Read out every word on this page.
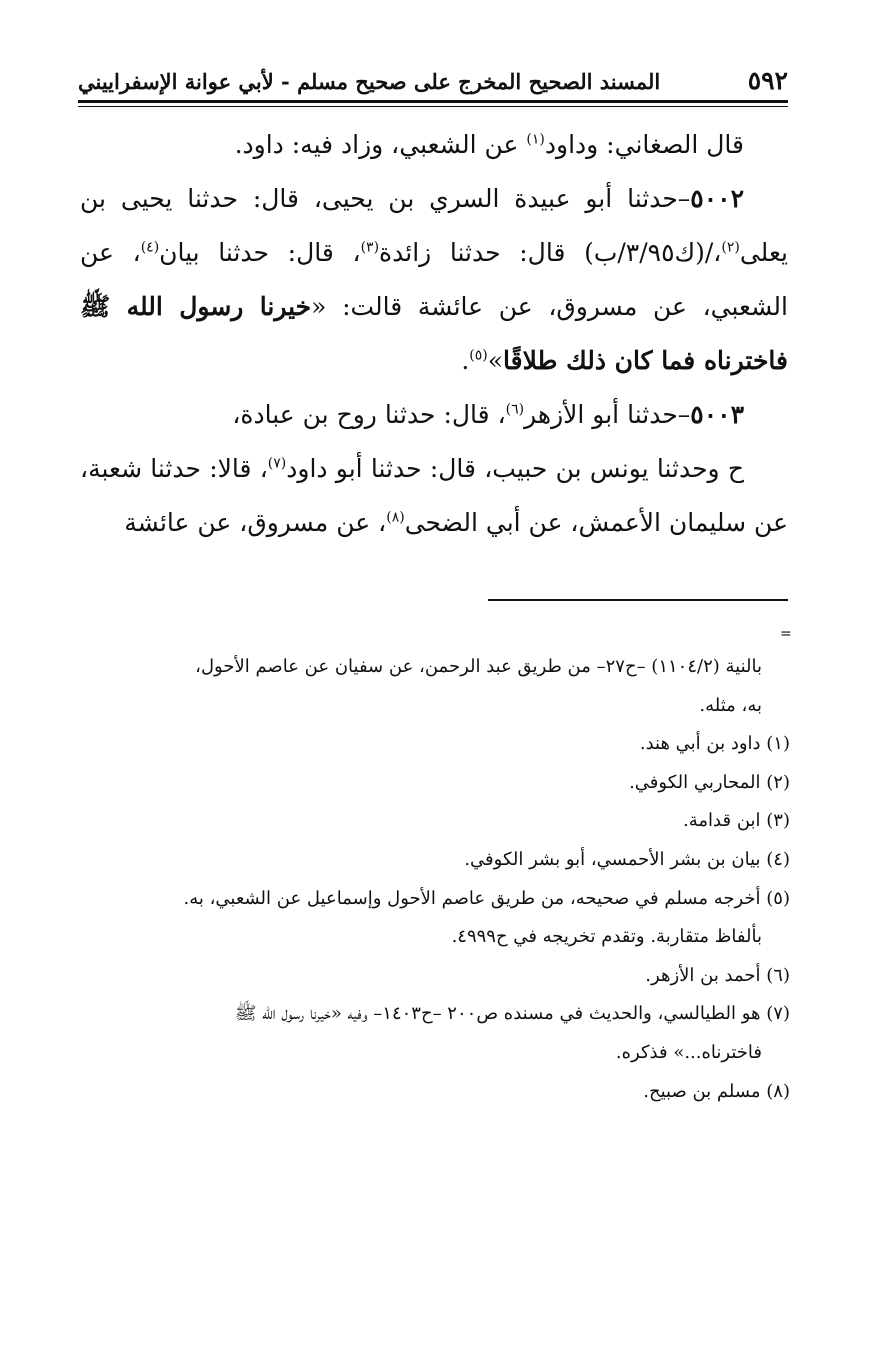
٥٩٢
المسند الصحيح المخرج على صحيح مسلم - لأبي عوانة الإسفراييني

قال الصغاني: وداود$^{(١)}$ عن الشعبي، وزاد فيه: داود.

٥٠٠٢–حدثنا أبو عبيدة السري بن يحيى، قال: حدثنا يحيى بن يعلى$^{(٢)}$،/(ك٣/٩٥/ب) قال: حدثنا زائدة$^{(٣)}$، قال: حدثنا بيان$^{(٤)}$، عن الشعبي، عن مسروق، عن عائشة قالت: «خيرنا رسول الله ﷺ فاخترناه فما كان ذلك طلاقًا»$^{(٥)}$.

٥٠٠٣–حدثنا أبو الأزهر$^{(٦)}$، قال: حدثنا روح بن عبادة،

ح وحدثنا يونس بن حبيب، قال: حدثنا أبو داود$^{(٧)}$، قالا: حدثنا شعبة، عن سليمان الأعمش، عن أبي الضحى$^{(٨)}$، عن مسروق، عن عائشة

=

بالنية (١١٠٤/٢) –ح٢٧– من طريق عبد الرحمن، عن سفيان عن عاصم الأحول،

به، مثله.

(١) داود بن أبي هند.

(٢) المحاربي الكوفي.

(٣) ابن قدامة.

(٤) بيان بن بشر الأحمسي، أبو بشر الكوفي.

(٥) أخرجه مسلم في صحيحه، من طريق عاصم الأحول وإسماعيل عن الشعبي، به.

بألفاظ متقاربة. وتقدم تخريجه في ح٤٩٩٩.

(٦) أحمد بن الأزهر.

(٧) هو الطيالسي، والحديث في مسنده ص٢٠٠ –ح١٤٠٣– وفيه «خيرنا رسول الله ﷺ

فاخترناه...» فذكره.

(٨) مسلم بن صبيح.
